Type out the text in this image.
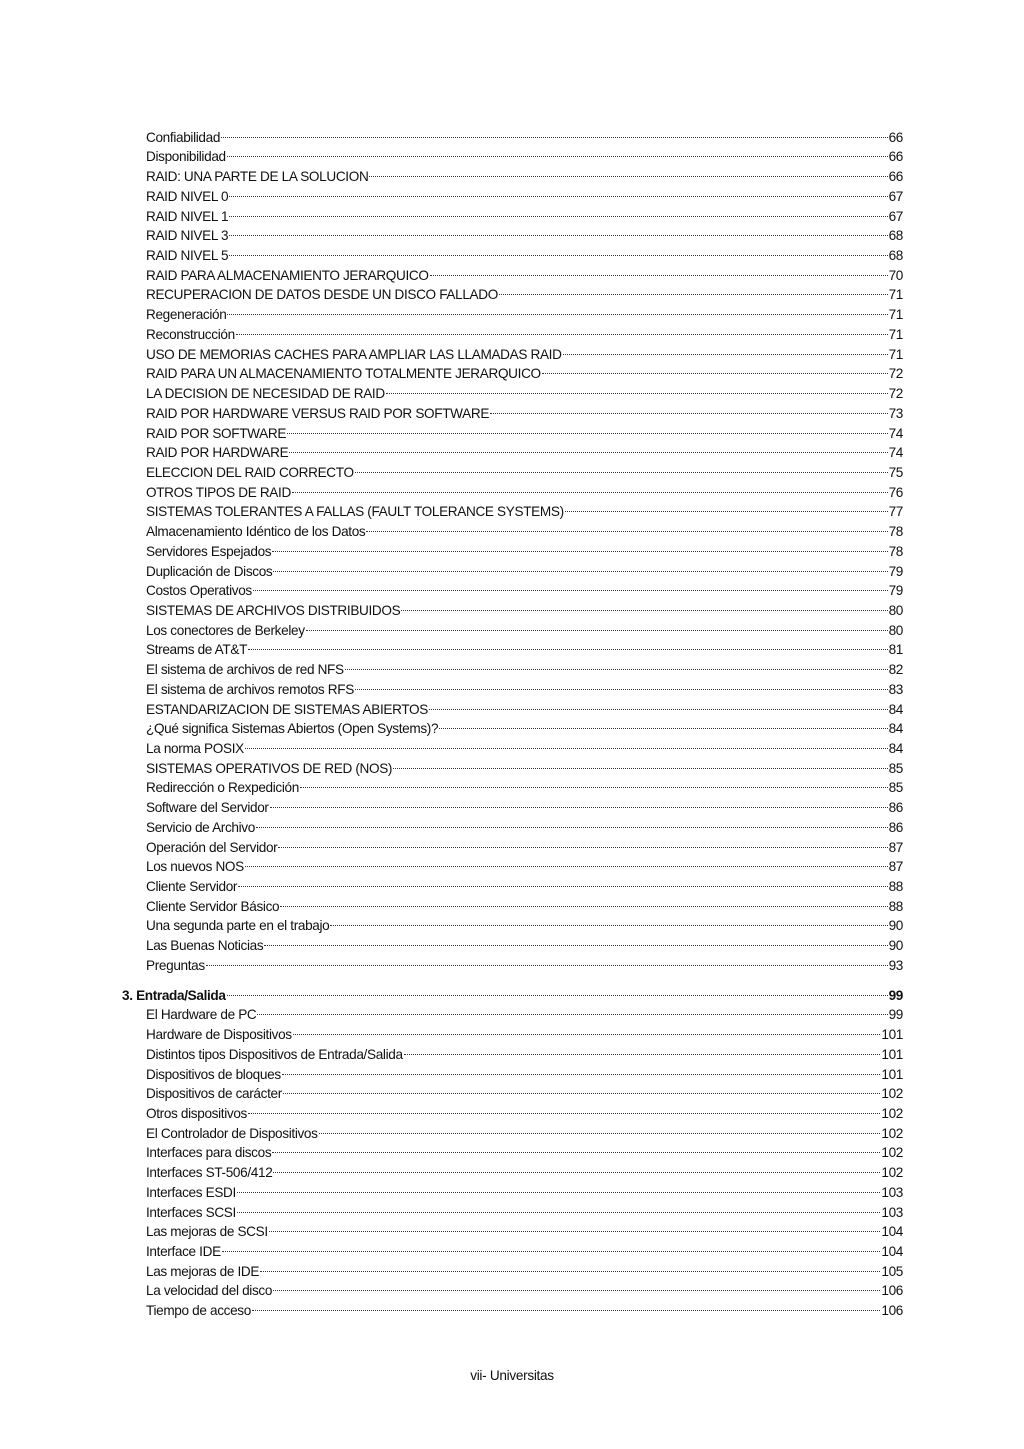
Confiabilidad	66
Disponibilidad	66
RAID: UNA PARTE DE LA SOLUCION	66
RAID NIVEL 0	67
RAID NIVEL 1	67
RAID NIVEL 3	68
RAID NIVEL 5	68
RAID PARA ALMACENAMIENTO JERARQUICO	70
RECUPERACION DE DATOS DESDE UN DISCO FALLADO	71
Regeneración	71
Reconstrucción	71
USO DE MEMORIAS CACHES PARA AMPLIAR LAS LLAMADAS RAID	71
RAID PARA UN ALMACENAMIENTO TOTALMENTE JERARQUICO	72
LA DECISION DE NECESIDAD DE RAID	72
RAID POR HARDWARE VERSUS RAID POR SOFTWARE	73
RAID POR SOFTWARE	74
RAID POR HARDWARE	74
ELECCION DEL RAID CORRECTO	75
OTROS TIPOS DE RAID	76
SISTEMAS TOLERANTES A FALLAS (FAULT TOLERANCE SYSTEMS)	77
Almacenamiento Idéntico de los Datos	78
Servidores Espejados	78
Duplicación de Discos	79
Costos Operativos	79
SISTEMAS DE ARCHIVOS DISTRIBUIDOS	80
Los conectores de Berkeley	80
Streams de AT&T	81
El sistema de archivos de red NFS	82
El sistema de archivos remotos RFS	83
ESTANDARIZACION DE SISTEMAS ABIERTOS	84
¿Qué significa Sistemas Abiertos (Open Systems)?	84
La norma POSIX	84
SISTEMAS OPERATIVOS DE RED (NOS)	85
Redirección o Rexpedición	85
Software del Servidor	86
Servicio de Archivo	86
Operación del Servidor	87
Los nuevos NOS	87
Cliente Servidor	88
Cliente Servidor Básico	88
Una segunda parte en el trabajo	90
Las Buenas Noticias	90
Preguntas	93
3. Entrada/Salida	99
El Hardware de PC	99
Hardware de Dispositivos	101
Distintos tipos Dispositivos de Entrada/Salida	101
Dispositivos de bloques	101
Dispositivos de carácter	102
Otros dispositivos	102
El Controlador de Dispositivos	102
Interfaces para discos	102
Interfaces ST-506/412	102
Interfaces ESDI	103
Interfaces SCSI	103
Las mejoras de SCSI	104
Interface IDE	104
Las mejoras de IDE	105
La velocidad del disco	106
Tiempo de acceso	106
vii- Universitas
